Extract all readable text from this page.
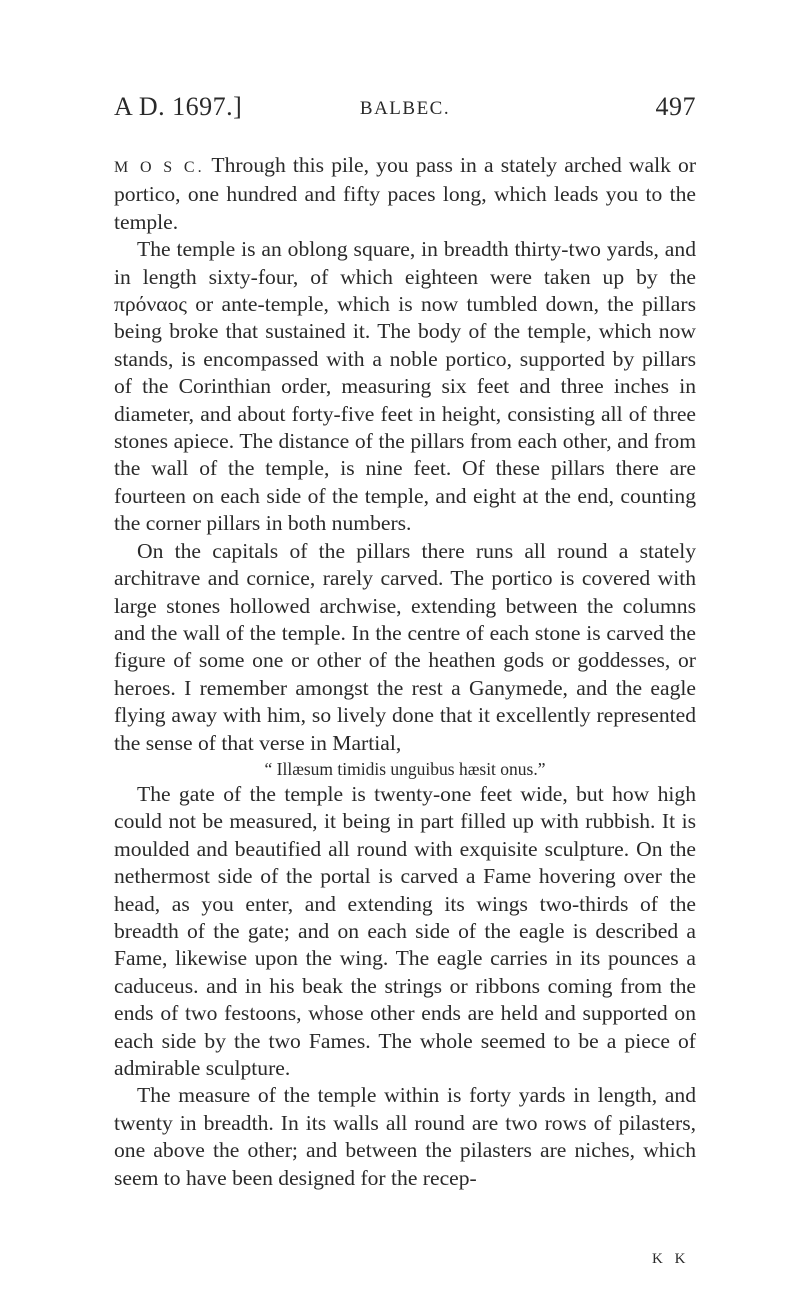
A D. 1697.]	BALBEC.	497

M O S C. Through this pile, you pass in a stately arched walk or portico, one hundred and fifty paces long, which leads you to the temple.

The temple is an oblong square, in breadth thirty-two yards, and in length sixty-four, of which eighteen were taken up by the πρόναος or ante-temple, which is now tumbled down, the pillars being broke that sustained it. The body of the temple, which now stands, is encompassed with a noble portico, supported by pillars of the Corinthian order, measuring six feet and three inches in diameter, and about forty-five feet in height, consisting all of three stones apiece. The distance of the pillars from each other, and from the wall of the temple, is nine feet. Of these pillars there are fourteen on each side of the temple, and eight at the end, counting the corner pillars in both numbers.

On the capitals of the pillars there runs all round a stately architrave and cornice, rarely carved. The portico is covered with large stones hollowed archwise, extending between the columns and the wall of the temple. In the centre of each stone is carved the figure of some one or other of the heathen gods or goddesses, or heroes. I remember amongst the rest a Ganymede, and the eagle flying away with him, so lively done that it excellently represented the sense of that verse in Martial,

“ Illæsum timidis unguibus hæsit onus.”

The gate of the temple is twenty-one feet wide, but how high could not be measured, it being in part filled up with rubbish. It is moulded and beautified all round with exquisite sculpture. On the nethermost side of the portal is carved a Fame hovering over the head, as you enter, and extending its wings two-thirds of the breadth of the gate; and on each side of the eagle is described a Fame, likewise upon the wing. The eagle carries in its pounces a caduceus. and in his beak the strings or ribbons coming from the ends of two festoons, whose other ends are held and supported on each side by the two Fames. The whole seemed to be a piece of admirable sculpture.

The measure of the temple within is forty yards in length, and twenty in breadth. In its walls all round are two rows of pilasters, one above the other; and between the pilasters are niches, which seem to have been designed for the recep-

K K
